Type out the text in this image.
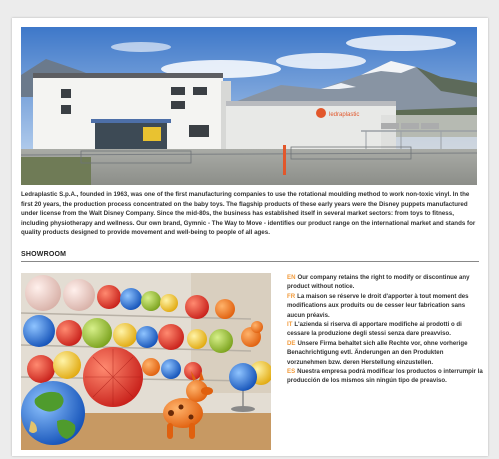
ledraplastic
Ledraplastic S.p.A., founded in 1963, was one of the first manufacturing companies to use the rotational moulding method to work non-toxic vinyl. In the first 20 years, the production process concentrated on the baby toys. The flagship products of these early years were the Disney puppets manufactured under license from the Walt Disney Company. Since the mid-80s, the business has established itself in several market sectors: from toys to fitness, including physiotherapy and wellness. Our own brand, Gymnic - The Way to Move - identifies our product range on the international market and stands for quality products designed to provide movement and well-being to people of all ages.
SHOWROOM

EN Our company retains the right to modify or discontinue any product without notice.

FR La maison se réserve le droit d'apporter à tout moment des modifications aux produits ou de cesser leur fabrication sans aucun préavis.

IT L'azienda si riserva di apportare modifiche ai prodotti o di cessare la produzione degli stessi senza dare preavviso.

DE Unsere Firma behaltet sich alle Rechte vor, ohne vorherige Benachrichtigung evtl. Änderungen an den Produkten vorzunehmen bzw. deren Herstellung einzustellen.

ES Nuestra empresa podrá modificar los productos o interrumpir la producción de los mismos sin ningún tipo de preaviso.
